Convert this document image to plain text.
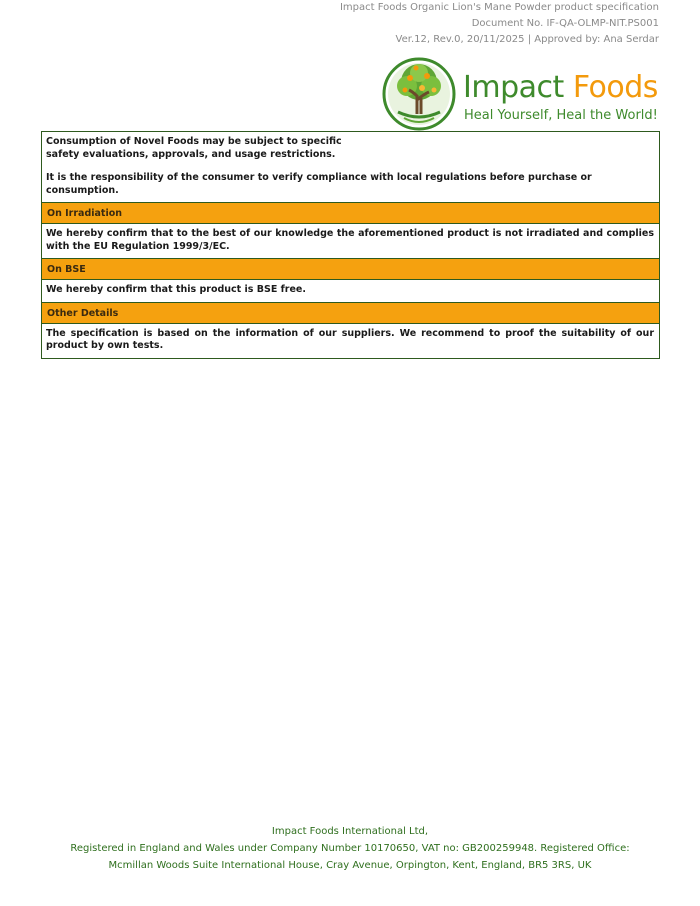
Impact Foods Organic Lion's Mane Powder product specification
Document No. IF-QA-OLMP-NIT.PS001
Ver.12, Rev.0, 20/11/2025 | Approved by: Ana Serdar
Impact Foods
Heal Yourself, Heal the World!
Consumption of Novel Foods may be subject to specific safety evaluations, approvals, and usage restrictions.
It is the responsibility of the consumer to verify compliance with local regulations before purchase or consumption.
On Irradiation
We hereby confirm that to the best of our knowledge the aforementioned product is not irradiated and complies with the EU Regulation 1999/3/EC.
On BSE
We hereby confirm that this product is BSE free.
Other Details
The specification is based on the information of our suppliers. We recommend to proof the suitability of our product by own tests.
Impact Foods International Ltd,
Registered in England and Wales under Company Number 10170650, VAT no: GB200259948. Registered Office:
Mcmillan Woods Suite International House, Cray Avenue, Orpington, Kent, England, BR5 3RS, UK
